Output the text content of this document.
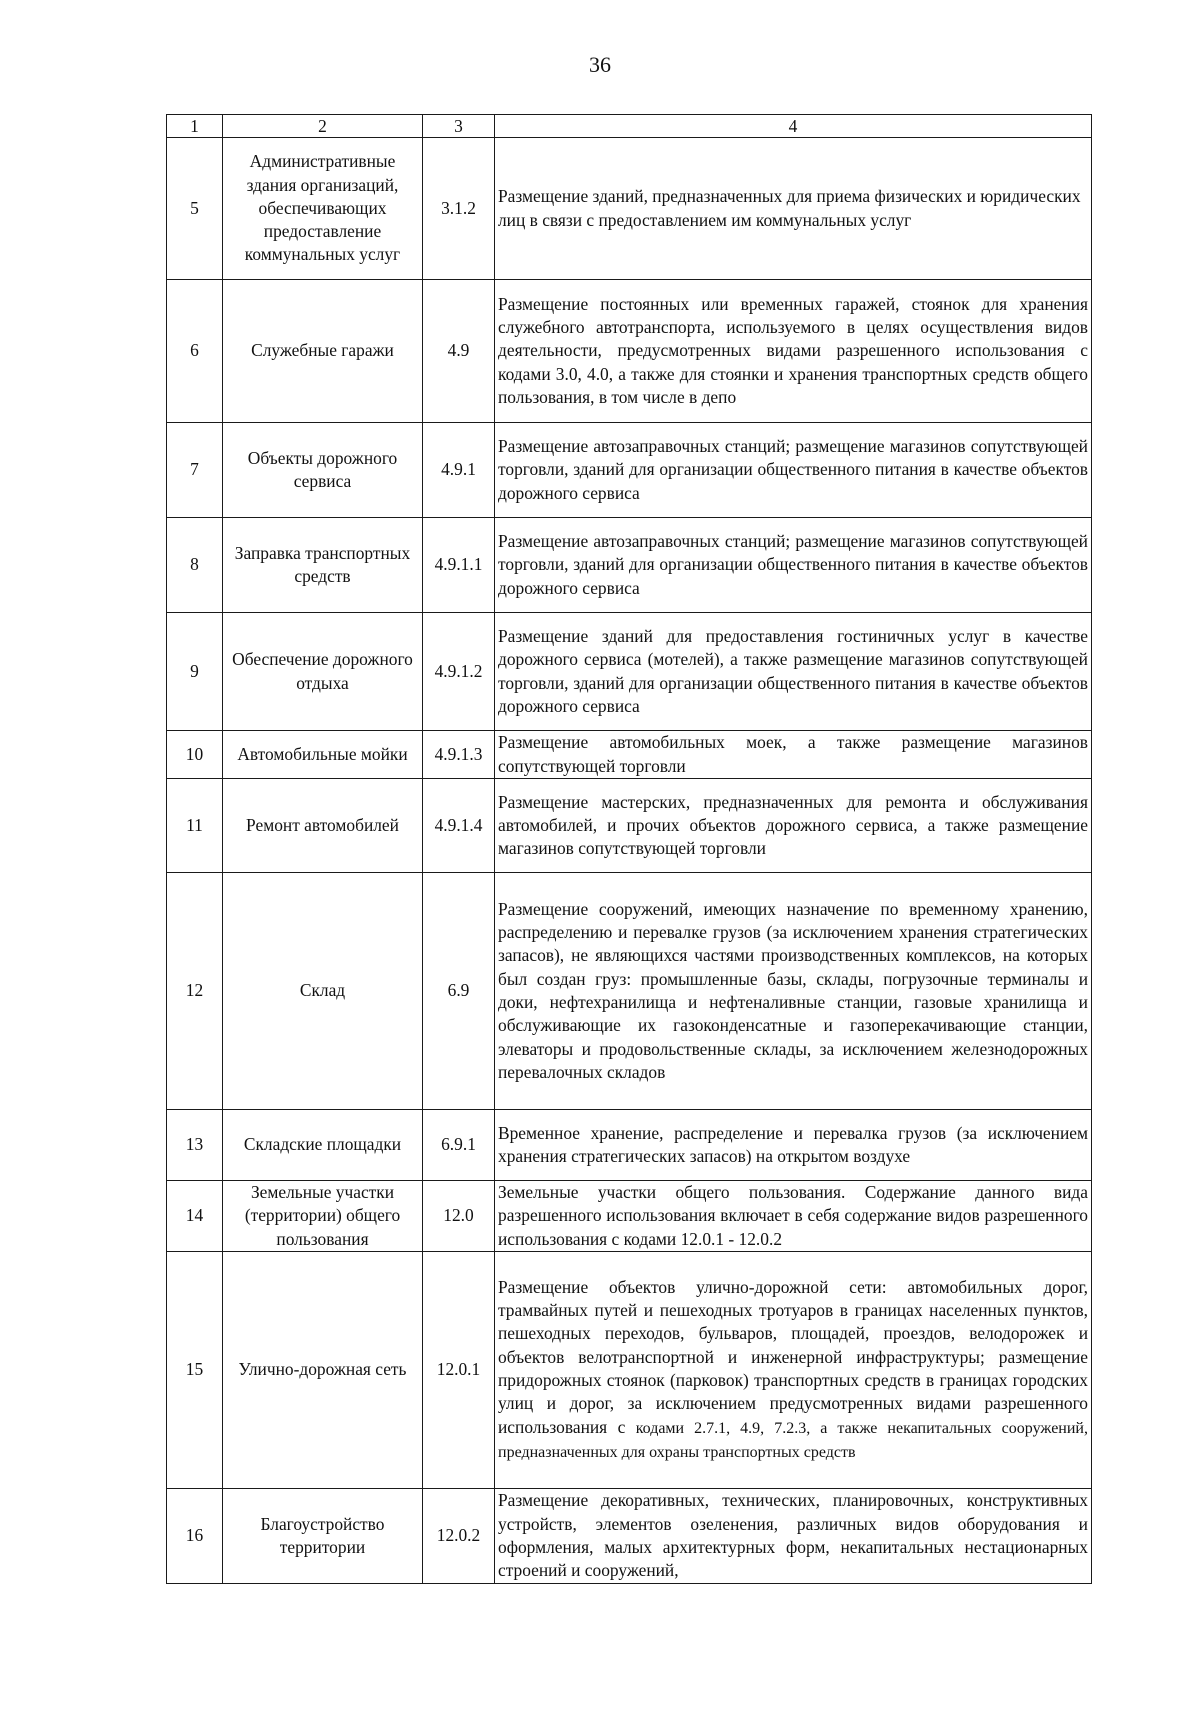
36
1	2	3	4
5	Административные здания организаций, обеспечивающих предоставление коммунальных услуг	3.1.2	Размещение зданий, предназначенных для приема физических и юридических лиц в связи с предоставлением им коммунальных услуг
6	Служебные гаражи	4.9	Размещение постоянных или временных гаражей, стоянок для хранения служебного автотранспорта, используемого в целях осуществления видов деятельности, предусмотренных видами разрешенного использования с кодами 3.0, 4.0, а также для стоянки и хранения транспортных средств общего пользования, в том числе в депо
7	Объекты дорожного сервиса	4.9.1	Размещение автозаправочных станций; размещение магазинов сопутствующей торговли, зданий для организации общественного питания в качестве объектов дорожного сервиса
8	Заправка транспортных средств	4.9.1.1	Размещение автозаправочных станций; размещение магазинов сопутствующей торговли, зданий для организации общественного питания в качестве объектов дорожного сервиса
9	Обеспечение дорожного отдыха	4.9.1.2	Размещение зданий для предоставления гостиничных услуг в качестве дорожного сервиса (мотелей), а также размещение магазинов сопутствующей торговли, зданий для организации общественного питания в качестве объектов дорожного сервиса
10	Автомобильные мойки	4.9.1.3	Размещение автомобильных моек, а также размещение магазинов сопутствующей торговли
11	Ремонт автомобилей	4.9.1.4	Размещение мастерских, предназначенных для ремонта и обслуживания автомобилей, и прочих объектов дорожного сервиса, а также размещение магазинов сопутствующей торговли
12	Склад	6.9	Размещение сооружений, имеющих назначение по временному хранению, распределению и перевалке грузов (за исключением хранения стратегических запасов), не являющихся частями производственных комплексов, на которых был создан груз: промышленные базы, склады, погрузочные терминалы и доки, нефтехранилища и нефтеналивные станции, газовые хранилища и обслуживающие их газоконденсатные и газоперекачивающие станции, элеваторы и продовольственные склады, за исключением железнодорожных перевалочных складов
13	Складские площадки	6.9.1	Временное хранение, распределение и перевалка грузов (за исключением хранения стратегических запасов) на открытом воздухе
14	Земельные участки (территории) общего пользования	12.0	Земельные участки общего пользования. Содержание данного вида разрешенного использования включает в себя содержание видов разрешенного использования с кодами 12.0.1 - 12.0.2
15	Улично-дорожная сеть	12.0.1	Размещение объектов улично-дорожной сети: автомобильных дорог, трамвайных путей и пешеходных тротуаров в границах населенных пунктов, пешеходных переходов, бульваров, площадей, проездов, велодорожек и объектов велотранспортной и инженерной инфраструктуры; размещение придорожных стоянок (парковок) транспортных средств в границах городских улиц и дорог, за исключением предусмотренных видами разрешенного использования с кодами 2.7.1, 4.9, 7.2.3, а также некапитальных сооружений, предназначенных для охраны транспортных средств
16	Благоустройство территории	12.0.2	Размещение декоративных, технических, планировочных, конструктивных устройств, элементов озеленения, различных видов оборудования и оформления, малых архитектурных форм, некапитальных нестационарных строений и сооружений,
